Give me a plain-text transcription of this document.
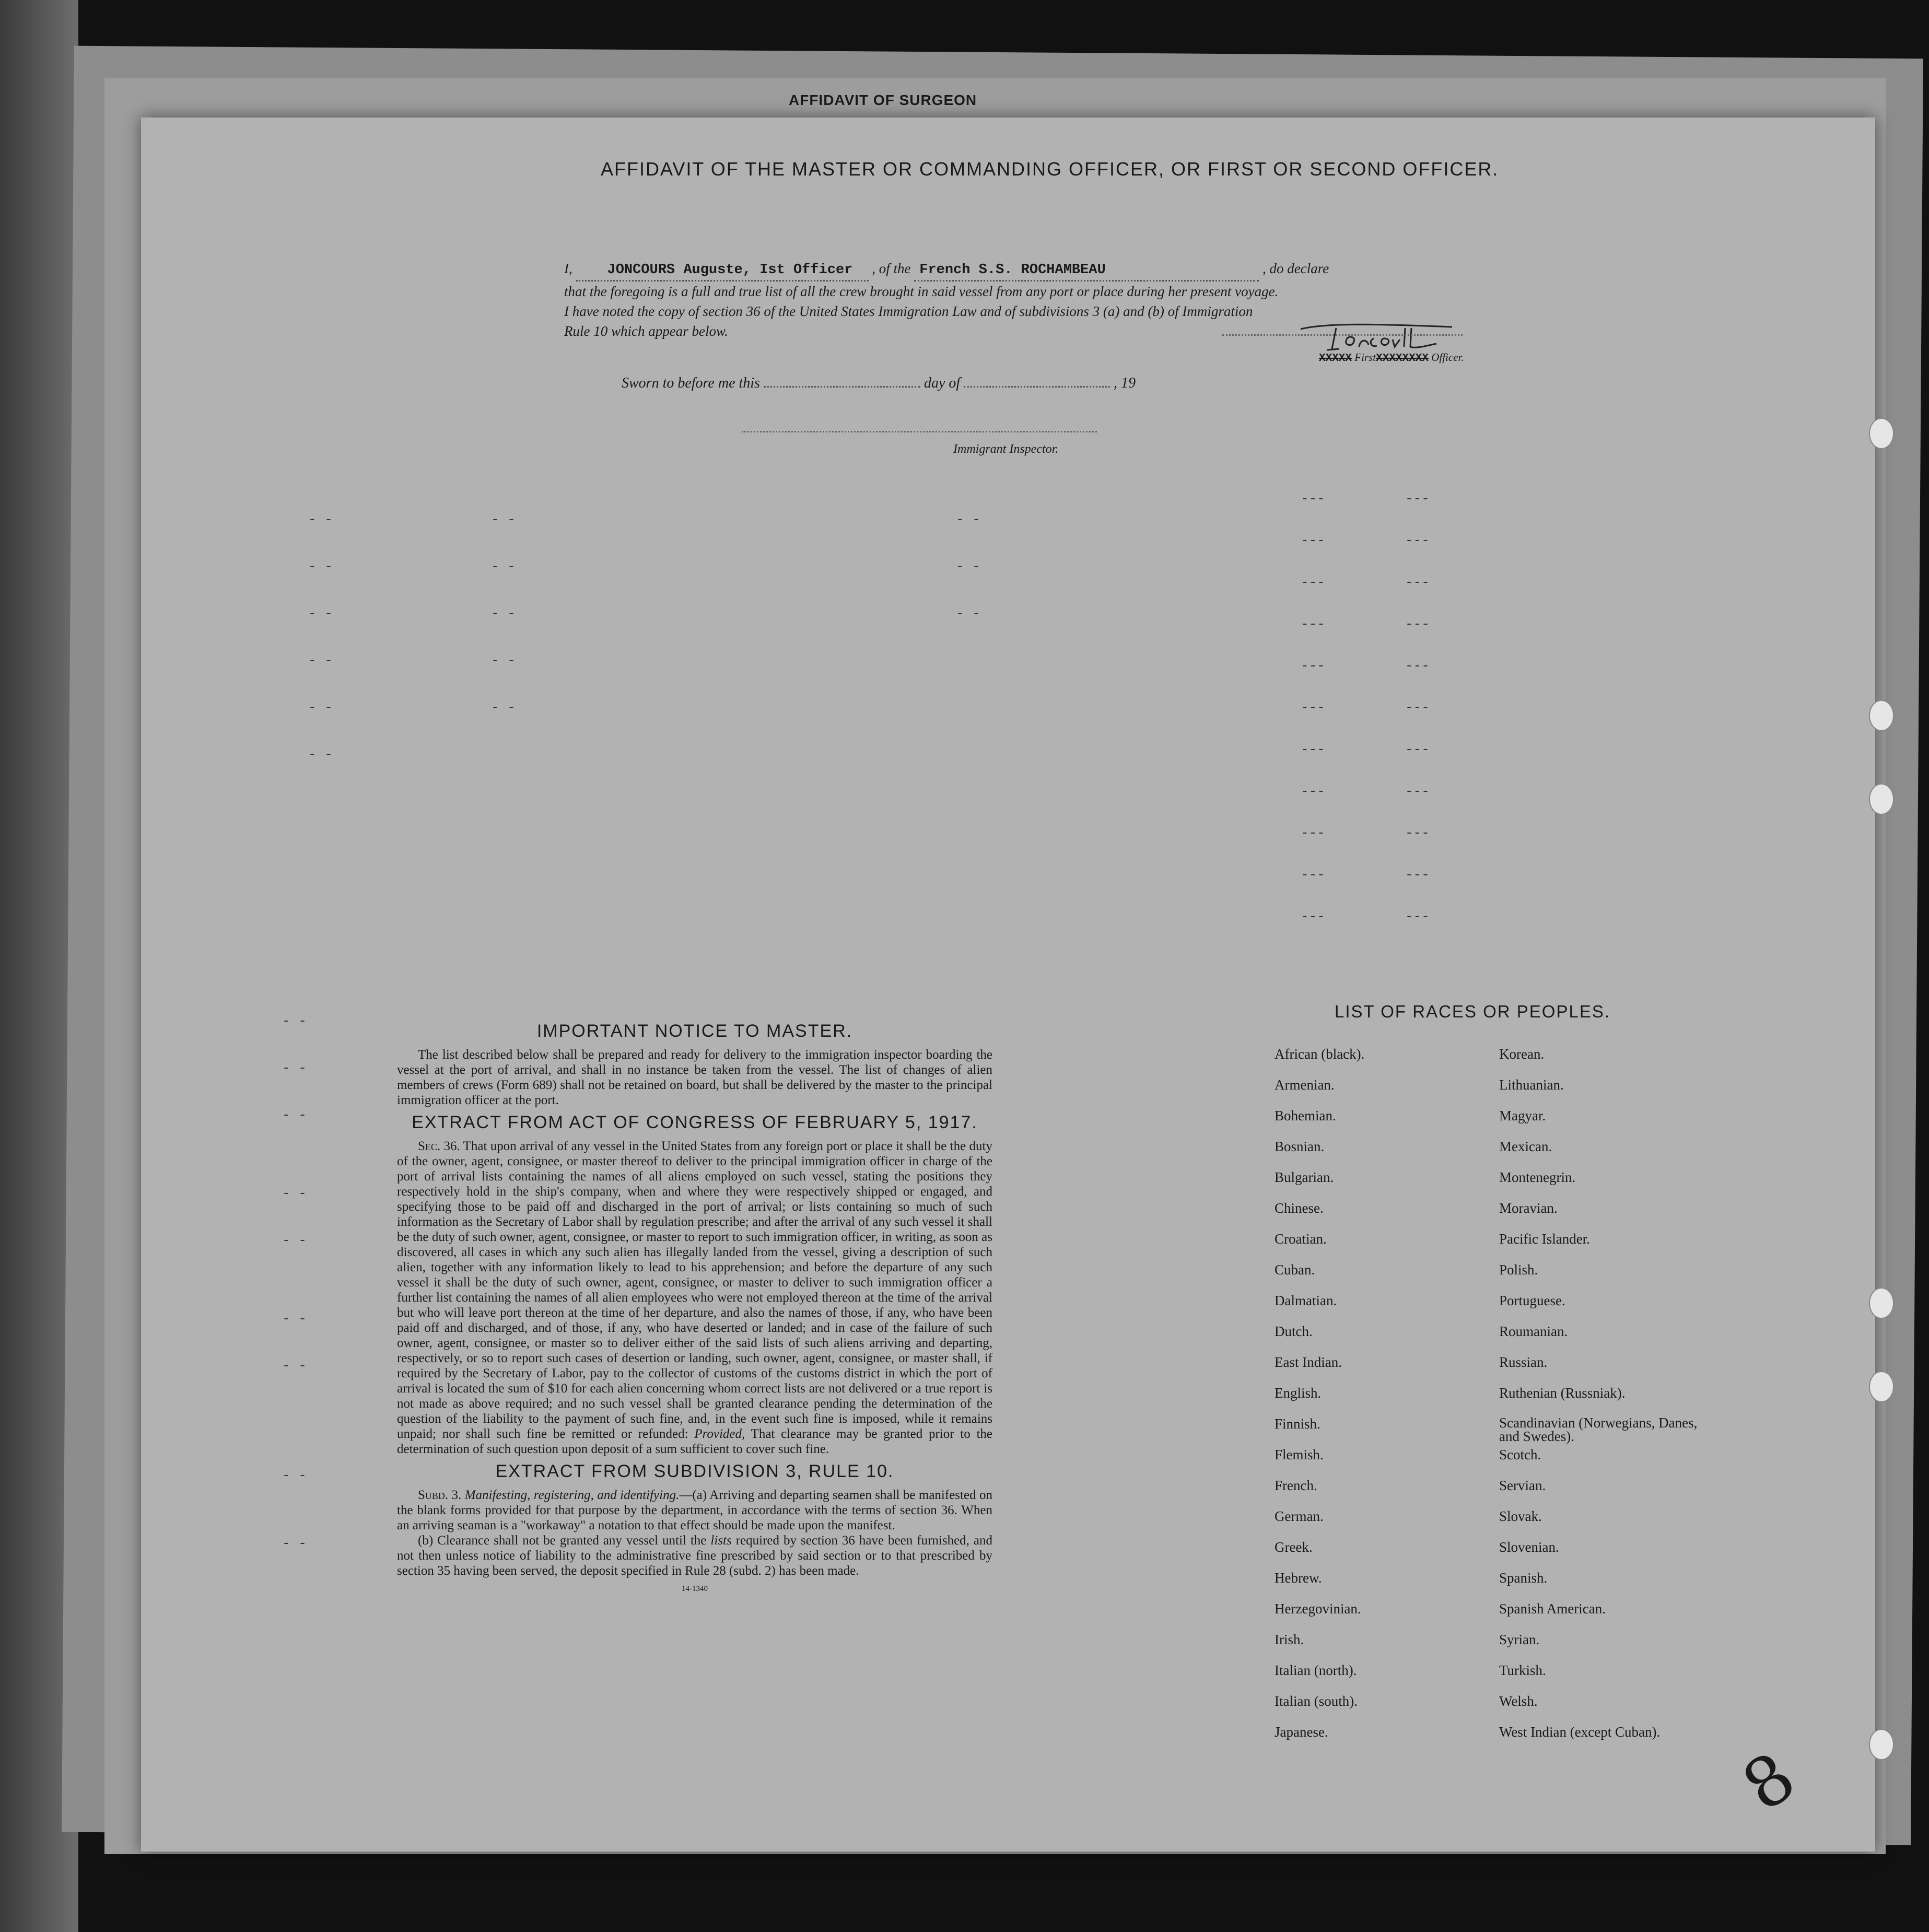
AFFIDAVIT OF SURGEON
AFFIDAVIT OF THE MASTER OR COMMANDING OFFICER, OR FIRST OR SECOND OFFICER.
I, JONCOURS Auguste, Ist Officer , of the French S.S. ROCHAMBEAU	, do declare
that the foregoing is a full and true list of all the crew brought in said vessel from any port or place during her present voyage.
I have noted the copy of section 36 of the United States Immigration Law and of subdivisions 3 (a) and (b) of Immigration
Rule 10 which appear below.
XXXXX FirstXXXXXXXX Officer.
Sworn to before me this	day of	, 19
Immigrant Inspector.
- -
- -
- -
- -
- -
- -
- -
- -
- -
- -
- -
- -
- -
- -
---
---
---
---
---
---
---
---
---
---
---
---
---
---
---
---
---
---
---
---
---
---
- -
- -
- -
- -
- -
- -
- -
- -
- -
IMPORTANT NOTICE TO MASTER.

The list described below shall be prepared and ready for delivery to the immigration inspector boarding the vessel at the port of arrival, and shall in no instance be taken from the vessel. The list of changes of alien members of crews (Form 689) shall not be retained on board, but shall be delivered by the master to the principal immigration officer at the port.

EXTRACT FROM ACT OF CONGRESS OF FEBRUARY 5, 1917.

Sec. 36. That upon arrival of any vessel in the United States from any foreign port or place it shall be the duty of the owner, agent, consignee, or master thereof to deliver to the principal immigration officer in charge of the port of arrival lists containing the names of all aliens employed on such vessel, stating the positions they respectively hold in the ship's company, when and where they were respectively shipped or engaged, and specifying those to be paid off and discharged in the port of arrival; or lists containing so much of such information as the Secretary of Labor shall by regulation prescribe; and after the arrival of any such vessel it shall be the duty of such owner, agent, consignee, or master to report to such immigration officer, in writing, as soon as discovered, all cases in which any such alien has illegally landed from the vessel, giving a description of such alien, together with any information likely to lead to his apprehension; and before the departure of any such vessel it shall be the duty of such owner, agent, consignee, or master to deliver to such immigration officer a further list containing the names of all alien employees who were not employed thereon at the time of the arrival but who will leave port thereon at the time of her departure, and also the names of those, if any, who have been paid off and discharged, and of those, if any, who have deserted or landed; and in case of the failure of such owner, agent, consignee, or master so to deliver either of the said lists of such aliens arriving and departing, respectively, or so to report such cases of desertion or landing, such owner, agent, consignee, or master shall, if required by the Secretary of Labor, pay to the collector of customs of the customs district in which the port of arrival is located the sum of $10 for each alien concerning whom correct lists are not delivered or a true report is not made as above required; and no such vessel shall be granted clearance pending the determination of the question of the liability to the payment of such fine, and, in the event such fine is imposed, while it remains unpaid; nor shall such fine be remitted or refunded: Provided, That clearance may be granted prior to the determination of such question upon deposit of a sum sufficient to cover such fine.

EXTRACT FROM SUBDIVISION 3, RULE 10.

Subd. 3. Manifesting, registering, and identifying.—(a) Arriving and departing seamen shall be manifested on the blank forms provided for that purpose by the department, in accordance with the terms of section 36. When an arriving seaman is a "workaway" a notation to that effect should be made upon the manifest.

(b) Clearance shall not be granted any vessel until the lists required by section 36 have been furnished, and not then unless notice of liability to the administrative fine prescribed by said section or to that prescribed by section 35 having been served, the deposit specified in Rule 28 (subd. 2) has been made.

14-1340
LIST OF RACES OR PEOPLES.
African (black).
Armenian.
Bohemian.
Bosnian.
Bulgarian.
Chinese.
Croatian.
Cuban.
Dalmatian.
Dutch.
East Indian.
English.
Finnish.
Flemish.
French.
German.
Greek.
Hebrew.
Herzegovinian.
Irish.
Italian (north).
Italian (south).
Japanese.
Korean.
Lithuanian.
Magyar.
Mexican.
Montenegrin.
Moravian.
Pacific Islander.
Polish.
Portuguese.
Roumanian.
Russian.
Ruthenian (Russniak).
Scandinavian (Norwegians, Danes, and Swedes).
Scotch.
Servian.
Slovak.
Slovenian.
Spanish.
Spanish American.
Syrian.
Turkish.
Welsh.
West Indian (except Cuban).
8
